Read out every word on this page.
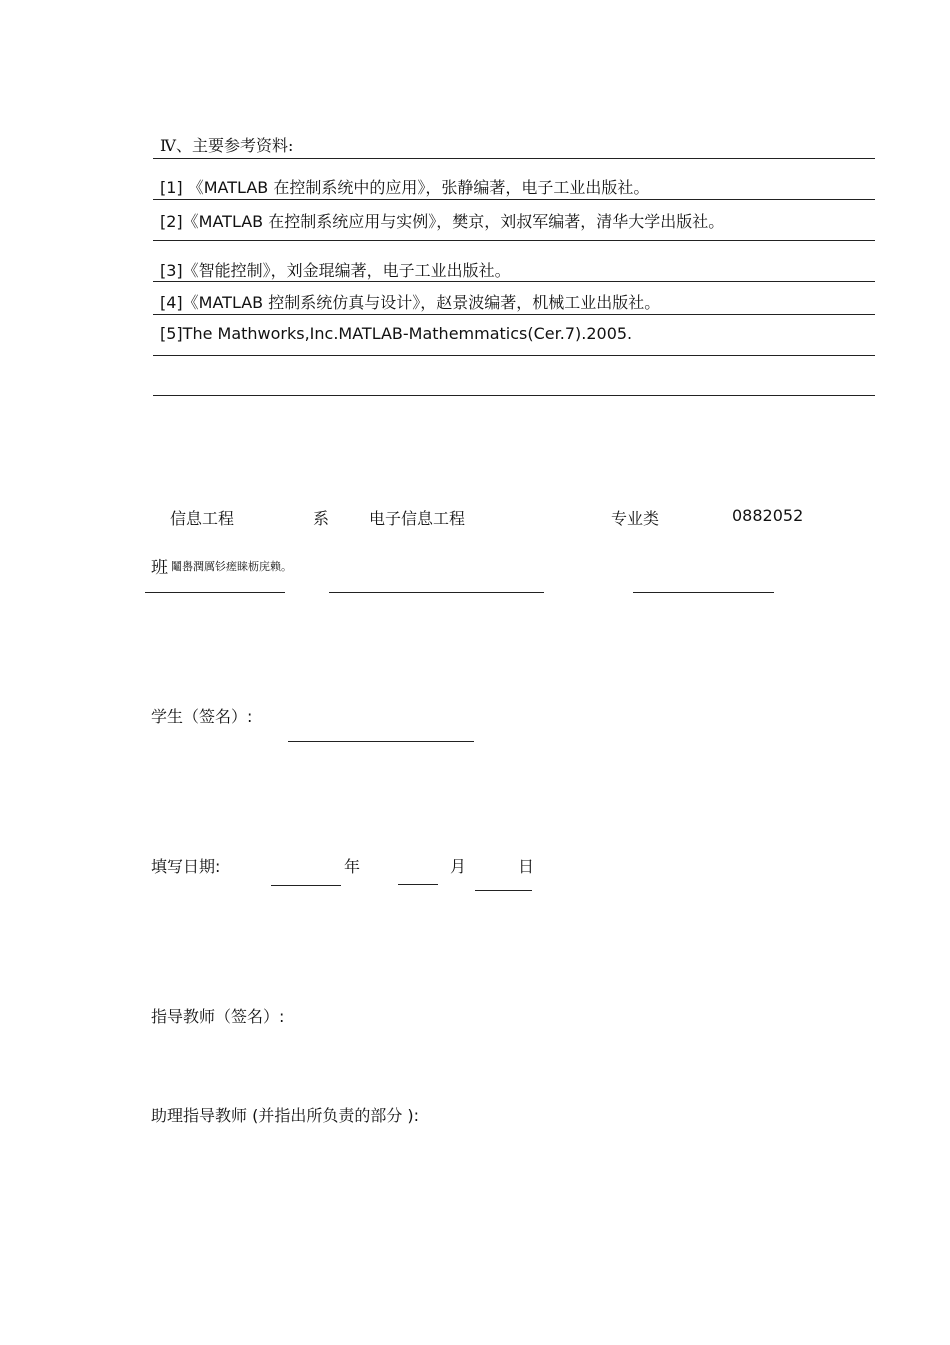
Ⅳ、主要参考资料:
[1] 《MATLAB 在控制系统中的应用》，张静编著，电子工业出版社。
[2]《MATLAB 在控制系统应用与实例》，樊京，刘叔军编著，清华大学出版社。
[3]《智能控制》，刘金琨编著，电子工业出版社。
[4]《MATLAB 控制系统仿真与设计》，赵景波编著，机械工业出版社。
[5]The Mathworks,Inc.MATLAB-Mathemmatics(Cer.7).2005.
信息工程	系 电子信息工程	专业类	0882052
班 鬮嶴潤厲钐瘥睐枥庑赖。
学生（签名）:
填写日期:	年	月	日
指导教师（签名）:
助理指导教师 (并指出所负责的部分 ):
